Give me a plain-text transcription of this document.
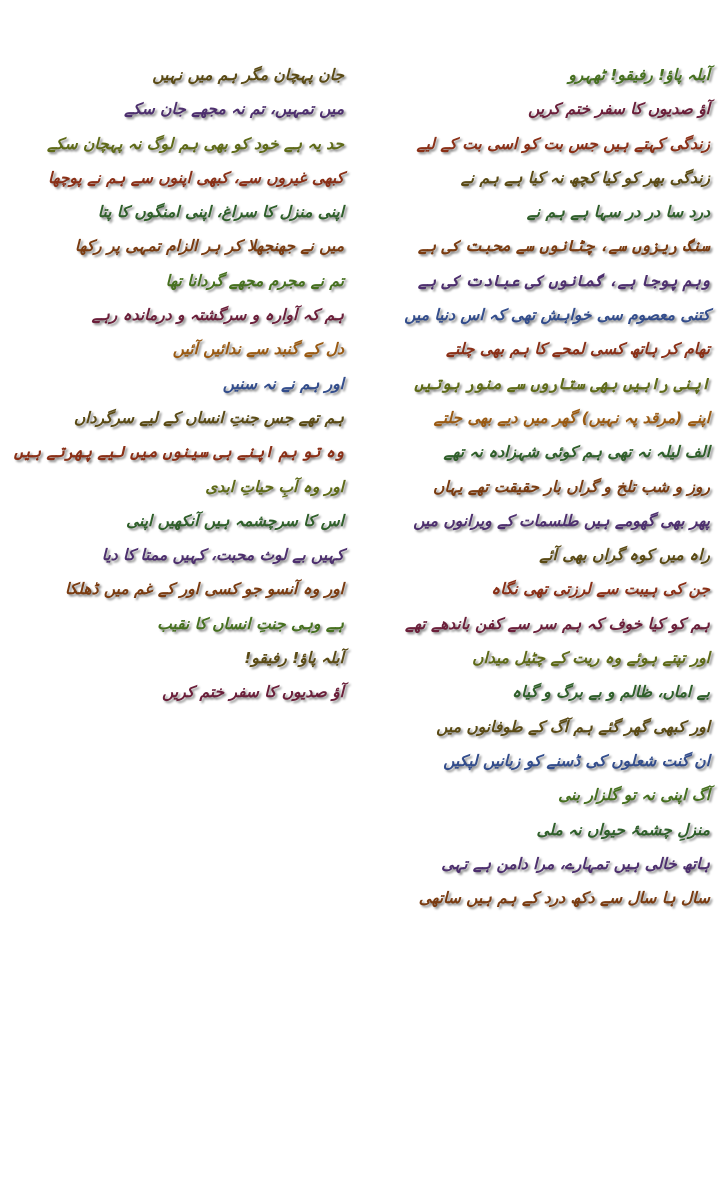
آبلہ پاؤ! رفیقو! ٹھہرو
آؤ صدیوں کا سفر ختم کریں
زندگی کہتے ہیں جس بت کو اسی بت کے لیے
زندگی بھر کو کیا کچھ نہ کیا ہے ہم نے
درد سا در در سہا ہے ہم نے
سنگ ریزوں سے، چٹانوں سے محبت کی ہے
وہم پوجا ہے، گمانوں کی عبادت کی ہے
کتنی معصوم سی خواہش تھی کہ اس دنیا میں
تھام کر ہاتھ کسی لمحے کا ہم بھی چلتے
اپنی راہیں بھی ستاروں سے منور ہوتیں
اپنے (مرقد پہ نہیں) گھر میں دیے بھی جلتے
الف لیلہ نہ تھی ہم کوئی شہزادہ نہ تھے
روز و شب تلخ و گراں بار حقیقت تھے یہاں
پھر بھی گھومے ہیں طلسمات کے ویرانوں میں
راہ میں کوہ گراں بھی آئے
جن کی ہیبت سے لرزتی تھی نگاہ
ہم کو کیا خوف کہ ہم سر سے کفن باندھے تھے
اور تپتے ہوئے وہ ریت کے چٹیل میداں
بے اماں، ظالم و بے برگ و گیاہ
اور کبھی گھر گئے ہم آگ کے طوفانوں میں
ان گنت شعلوں کی ڈسنے کو زبانیں لپکیں
آگ اپنی نہ تو گلزار بنی
منزلِ چشمۂ حیواں نہ ملی
ہاتھ خالی ہیں تمہارے، مرا دامن ہے تہی
سال ہا سال سے دکھ درد کے ہم ہیں ساتھی
جان پہچان مگر ہم میں نہیں
میں تمہیں، تم نہ مجھے جان سکے
حد یہ ہے خود کو بھی ہم لوگ نہ پہچان سکے
کبھی غیروں سے، کبھی اپنوں سے ہم نے پوچھا
اپنی منزل کا سراغ، اپنی امنگوں کا پتا
میں نے جھنجھلا کر ہر الزام تمہی پر رکھا
تم نے مجرم مجھے گردانا تھا
ہم کہ آوارہ و سرگشتہ و درماندہ رہے
دل کے گنبد سے ندائیں آئیں
اور ہم نے نہ سنیں
ہم تھے جس جنتِ انساں کے لیے سرگرداں
وہ تو ہم اپنے ہی سینوں میں لیے پھرتے ہیں
اور وہ آبِ حیاتِ ابدی
اس کا سرچشمہ ہیں آنکھیں اپنی
کہیں بے لوث محبت، کہیں ممتا کا دیا
اور وہ آنسو جو کسی اور کے غم میں ڈھلکا
ہے وہی جنتِ انساں کا نقیب
آبلہ پاؤ! رفیقو!
آؤ صدیوں کا سفر ختم کریں
